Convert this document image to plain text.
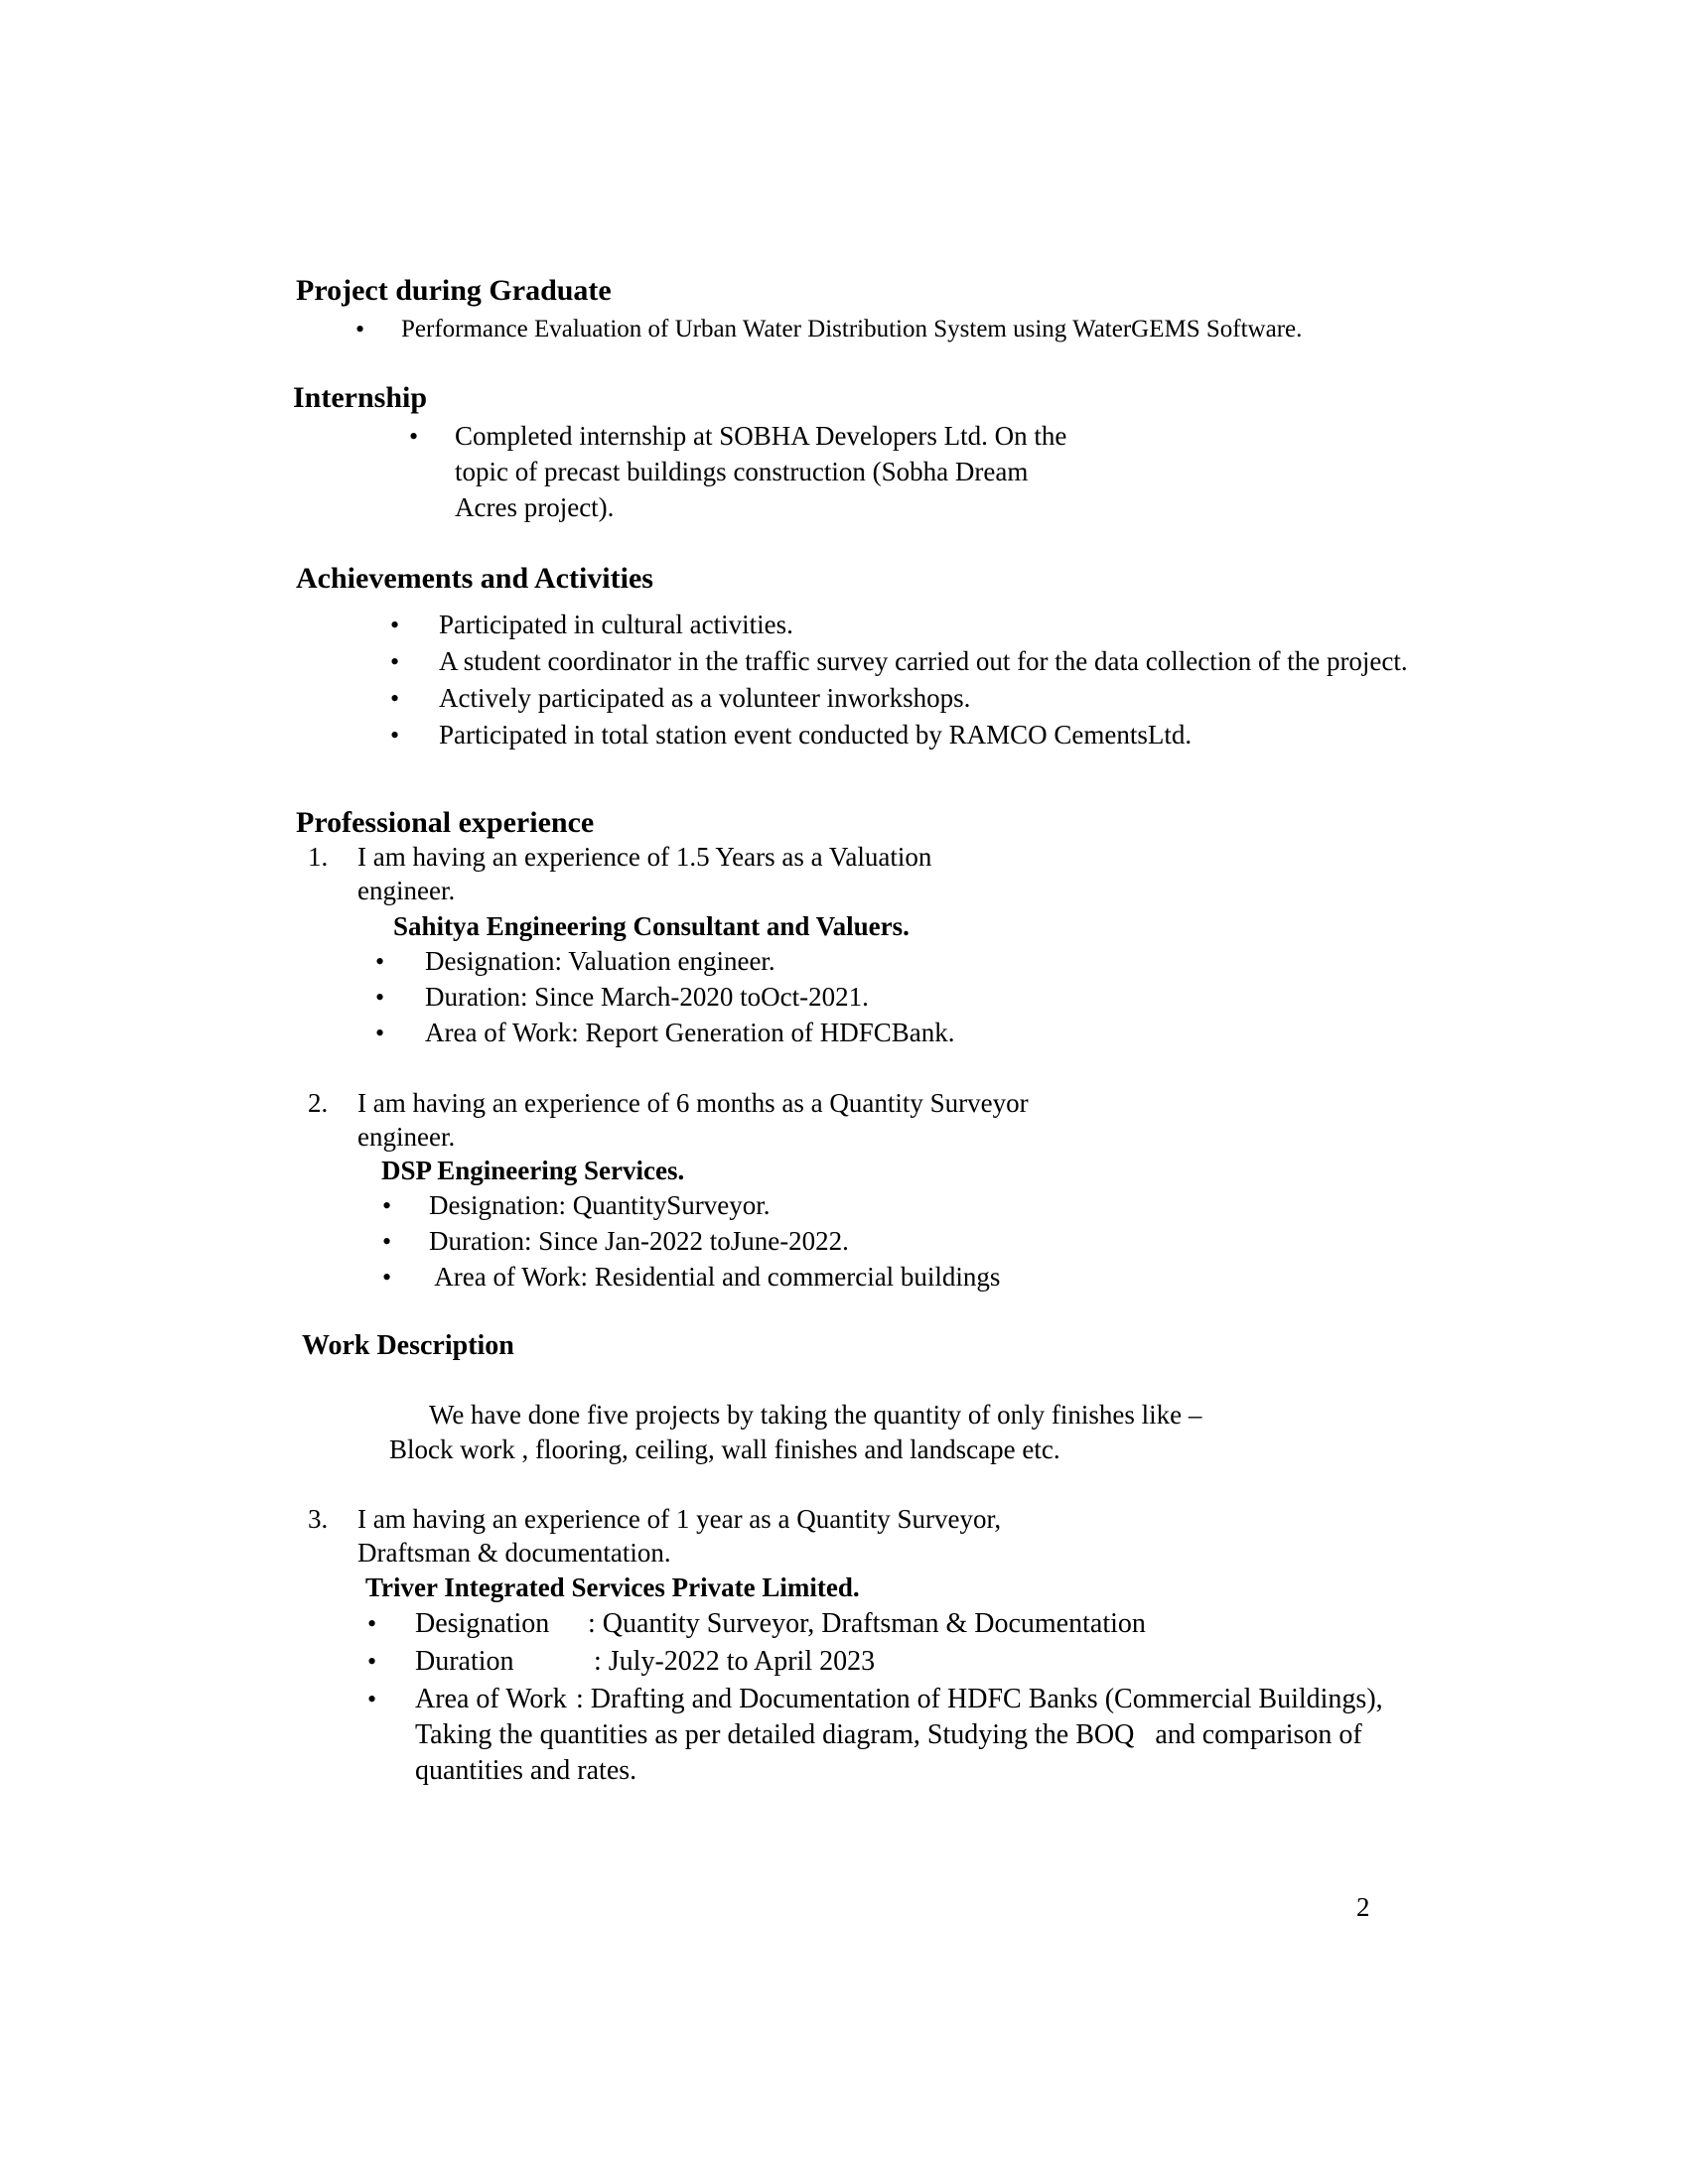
Project during Graduate
•
Performance Evaluation of Urban Water Distribution System using WaterGEMS Software.
Internship
•
Completed internship at SOBHA Developers Ltd. On the
topic of precast buildings construction (Sobha Dream
Acres project).
Achievements and Activities
•
Participated in cultural activities.
•
A student coordinator in the traffic survey carried out for the data collection of the project.
•
Actively participated as a volunteer inworkshops.
•
Participated in total station event conducted by RAMCO CementsLtd.
Professional experience
1. I am having an experience of 1.5 Years as a Valuation
engineer.
Sahitya Engineering Consultant and Valuers.
•
Designation: Valuation engineer.
•
Duration: Since March-2020 toOct-2021.
•
Area of Work: Report Generation of HDFCBank.
2. I am having an experience of 6 months as a Quantity Surveyor
engineer.
DSP Engineering Services.
•
Designation: QuantitySurveyor.
•
Duration: Since Jan-2022 toJune-2022.
•
Area of Work: Residential and commercial buildings
Work Description
We have done five projects by taking the quantity of only finishes like –
Block work , flooring, ceiling, wall finishes and landscape etc.
3. I am having an experience of 1 year as a Quantity Surveyor,
Draftsman & documentation.
Triver Integrated Services Private Limited.
•
Designation : Quantity Surveyor, Draftsman & Documentation
•
Duration	: July-2022 to April 2023
•
Area of Work : Drafting and Documentation of HDFC Banks (Commercial Buildings),
Taking the quantities as per detailed diagram, Studying the BOQ   and comparison of
quantities and rates.
2
